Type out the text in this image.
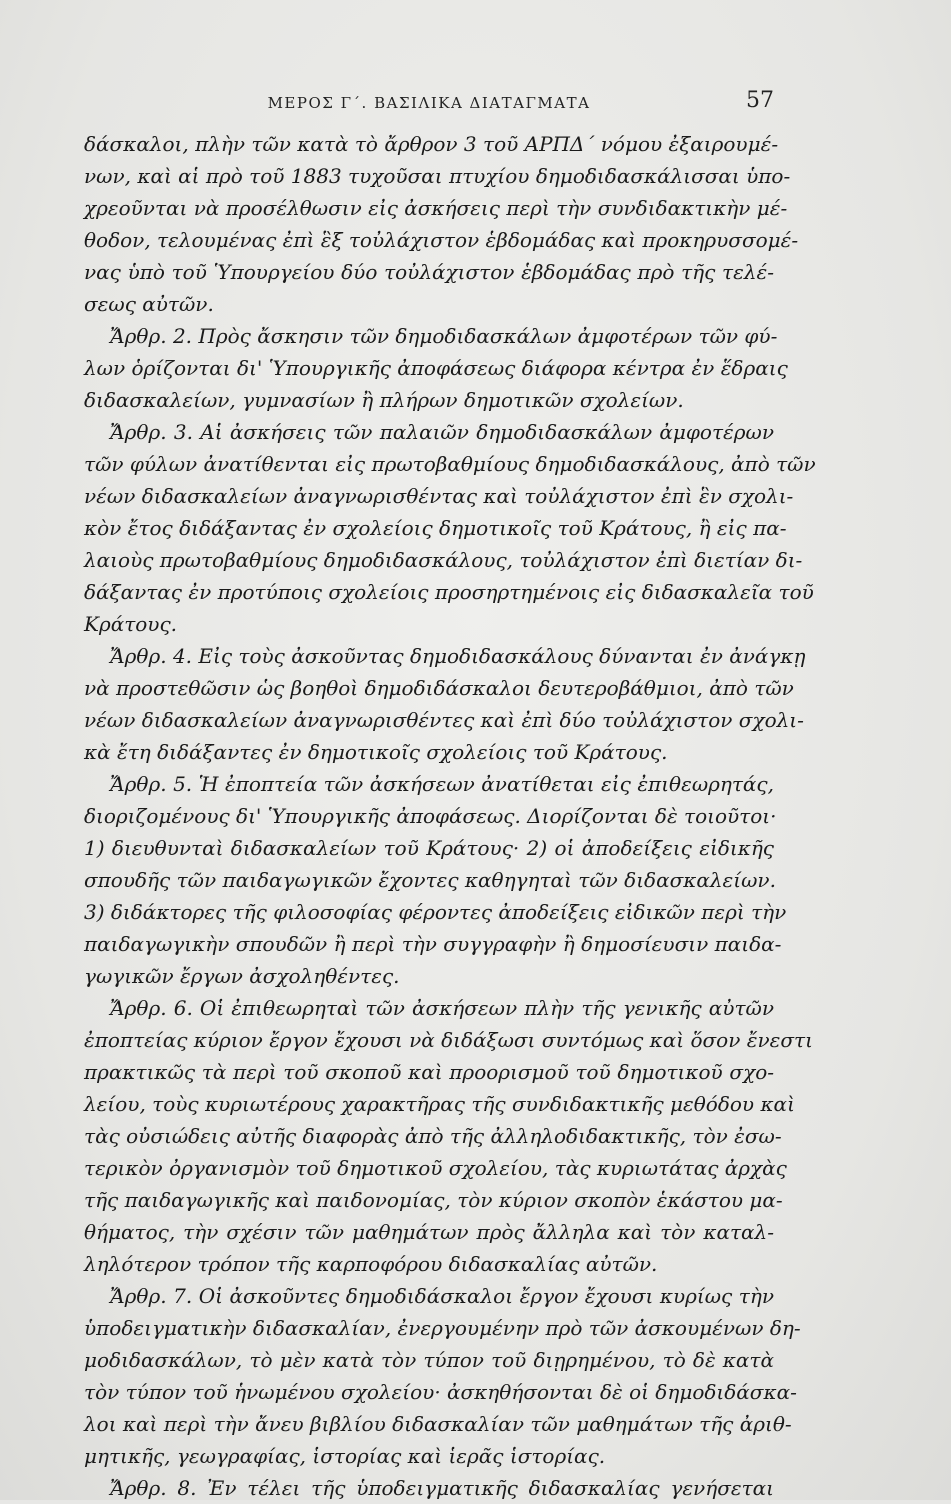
ΜΕΡΟΣ Γ΄. ΒΑΣΙΛΙΚΑ ΔΙΑΤΑΓΜΑΤΑ	57
δάσκαλοι, πλὴν τῶν κατὰ τὸ ἄρθρον 3 τοῦ ΑΡΠΔ΄ νόμου ἐξαιρουμέ-
νων, καὶ αἱ πρὸ τοῦ 1883 τυχοῦσαι πτυχίου δημοδιδασκάλισσαι ὑπο-
χρεοῦνται νὰ προσέλθωσιν εἰς ἀσκήσεις περὶ τὴν συνδιδακτικὴν μέ-
θοδον, τελουμένας ἐπὶ ἓξ τοὐλάχιστον ἑβδομάδας καὶ προκηρυσσομέ-
νας ὑπὸ τοῦ Ὑπουργείου δύο τοὐλάχιστον ἑβδομάδας πρὸ τῆς τελέ-
σεως αὐτῶν.
Ἄρθρ. 2. Πρὸς ἄσκησιν τῶν δημοδιδασκάλων ἀμφοτέρων τῶν φύ-
λων ὁρίζονται δι' Ὑπουργικῆς ἀποφάσεως διάφορα κέντρα ἐν ἕδραις
διδασκαλείων, γυμνασίων ἢ πλήρων δημοτικῶν σχολείων.
Ἄρθρ. 3. Αἱ ἀσκήσεις τῶν παλαιῶν δημοδιδασκάλων ἀμφοτέρων
τῶν φύλων ἀνατίθενται εἰς πρωτοβαθμίους δημοδιδασκάλους, ἀπὸ τῶν
νέων διδασκαλείων ἀναγνωρισθέντας καὶ τοὐλάχιστον ἐπὶ ἓν σχολι-
κὸν ἔτος διδάξαντας ἐν σχολείοις δημοτικοῖς τοῦ Κράτους, ἢ εἰς πα-
λαιοὺς πρωτοβαθμίους δημοδιδασκάλους, τοὐλάχιστον ἐπὶ διετίαν δι-
δάξαντας ἐν προτύποις σχολείοις προσηρτημένοις εἰς διδασκαλεῖα τοῦ
Κράτους.
Ἄρθρ. 4. Εἰς τοὺς ἀσκοῦντας δημοδιδασκάλους δύνανται ἐν ἀνάγκῃ
νὰ προστεθῶσιν ὡς βοηθοὶ δημοδιδάσκαλοι δευτεροβάθμιοι, ἀπὸ τῶν
νέων διδασκαλείων ἀναγνωρισθέντες καὶ ἐπὶ δύο τοὐλάχιστον σχολι-
κὰ ἔτη διδάξαντες ἐν δημοτικοῖς σχολείοις τοῦ Κράτους.
Ἄρθρ. 5. Ἡ ἐποπτεία τῶν ἀσκήσεων ἀνατίθεται εἰς ἐπιθεωρητάς,
διοριζομένους δι' Ὑπουργικῆς ἀποφάσεως. Διορίζονται δὲ τοιοῦτοι·
1) διευθυνταὶ διδασκαλείων τοῦ Κράτους· 2) οἱ ἀποδείξεις εἰδικῆς
σπουδῆς τῶν παιδαγωγικῶν ἔχοντες καθηγηταὶ τῶν διδασκαλείων.
3) διδάκτορες τῆς φιλοσοφίας φέροντες ἀποδείξεις εἰδικῶν περὶ τὴν
παιδαγωγικὴν σπουδῶν ἢ περὶ τὴν συγγραφὴν ἢ δημοσίευσιν παιδα-
γωγικῶν ἔργων ἀσχοληθέντες.
Ἄρθρ. 6. Οἱ ἐπιθεωρηταὶ τῶν ἀσκήσεων πλὴν τῆς γενικῆς αὐτῶν
ἐποπτείας κύριον ἔργον ἔχουσι νὰ διδάξωσι συντόμως καὶ ὅσον ἔνεστι
πρακτικῶς τὰ περὶ τοῦ σκοποῦ καὶ προορισμοῦ τοῦ δημοτικοῦ σχο-
λείου, τοὺς κυριωτέρους χαρακτῆρας τῆς συνδιδακτικῆς μεθόδου καὶ
τὰς οὐσιώδεις αὐτῆς διαφορὰς ἀπὸ τῆς ἀλληλοδιδακτικῆς, τὸν ἐσω-
τερικὸν ὀργανισμὸν τοῦ δημοτικοῦ σχολείου, τὰς κυριωτάτας ἀρχὰς
τῆς παιδαγωγικῆς καὶ παιδονομίας, τὸν κύριον σκοπὸν ἑκάστου μα-
θήματος, τὴν σχέσιν τῶν μαθημάτων πρὸς ἄλληλα καὶ τὸν καταλ-
ληλότερον τρόπον τῆς καρποφόρου διδασκαλίας αὐτῶν.
Ἄρθρ. 7. Οἱ ἀσκοῦντες δημοδιδάσκαλοι ἔργον ἔχουσι κυρίως τὴν
ὑποδειγματικὴν διδασκαλίαν, ἐνεργουμένην πρὸ τῶν ἀσκουμένων δη-
μοδιδασκάλων, τὸ μὲν κατὰ τὸν τύπον τοῦ διῃρημένου, τὸ δὲ κατὰ
τὸν τύπον τοῦ ἡνωμένου σχολείου· ἀσκηθήσονται δὲ οἱ δημοδιδάσκα-
λοι καὶ περὶ τὴν ἄνευ βιβλίου διδασκαλίαν τῶν μαθημάτων τῆς ἀριθ-
μητικῆς, γεωγραφίας, ἱστορίας καὶ ἱερᾶς ἱστορίας.
Ἄρθρ. 8. Ἐν τέλει τῆς ὑποδειγματικῆς διδασκαλίας γενήσεται
